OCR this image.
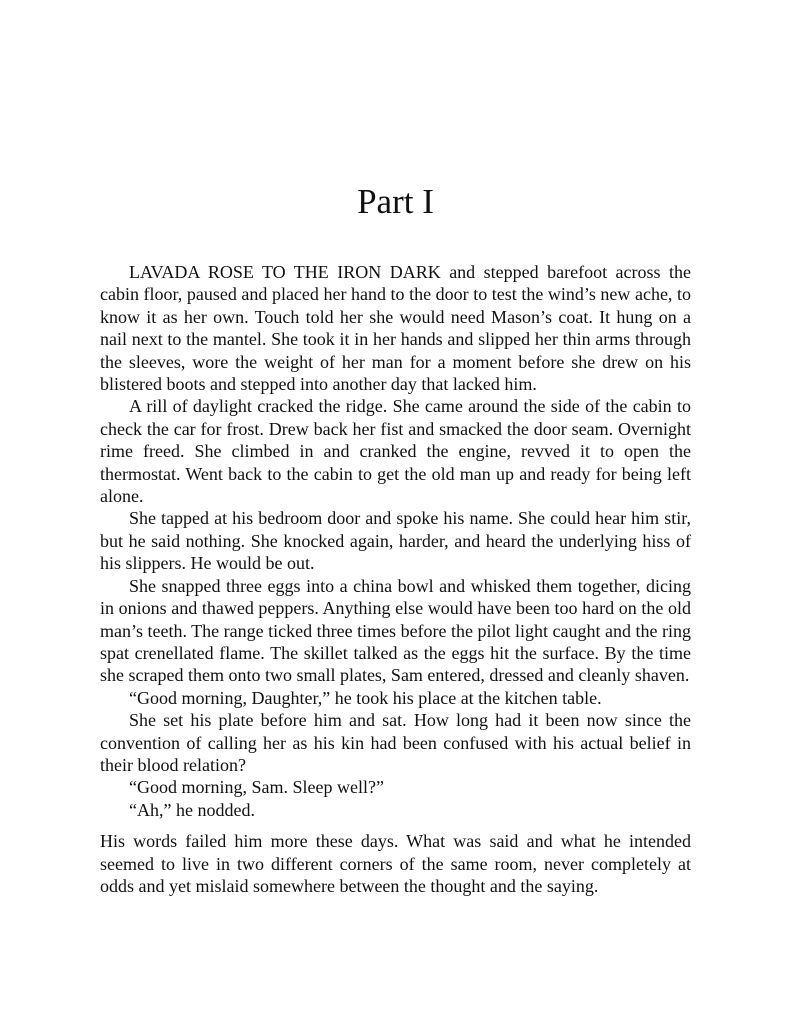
Part I

LAVADA ROSE TO THE IRON DARK and stepped barefoot across the cabin floor, paused and placed her hand to the door to test the wind’s new ache, to know it as her own. Touch told her she would need Mason’s coat. It hung on a nail next to the mantel. She took it in her hands and slipped her thin arms through the sleeves, wore the weight of her man for a moment before she drew on his blistered boots and stepped into another day that lacked him.

A rill of daylight cracked the ridge. She came around the side of the cabin to check the car for frost. Drew back her fist and smacked the door seam. Overnight rime freed. She climbed in and cranked the engine, revved it to open the thermostat. Went back to the cabin to get the old man up and ready for being left alone.

She tapped at his bedroom door and spoke his name. She could hear him stir, but he said nothing. She knocked again, harder, and heard the underlying hiss of his slippers. He would be out.

She snapped three eggs into a china bowl and whisked them together, dicing in onions and thawed peppers. Anything else would have been too hard on the old man’s teeth. The range ticked three times before the pilot light caught and the ring spat crenellated flame. The skillet talked as the eggs hit the surface. By the time she scraped them onto two small plates, Sam entered, dressed and cleanly shaven.

“Good morning, Daughter,” he took his place at the kitchen table.

She set his plate before him and sat. How long had it been now since the convention of calling her as his kin had been confused with his actual belief in their blood relation?

“Good morning, Sam. Sleep well?”

“Ah,” he nodded.

His words failed him more these days. What was said and what he intended seemed to live in two different corners of the same room, never completely at odds and yet mislaid somewhere between the thought and the saying.
